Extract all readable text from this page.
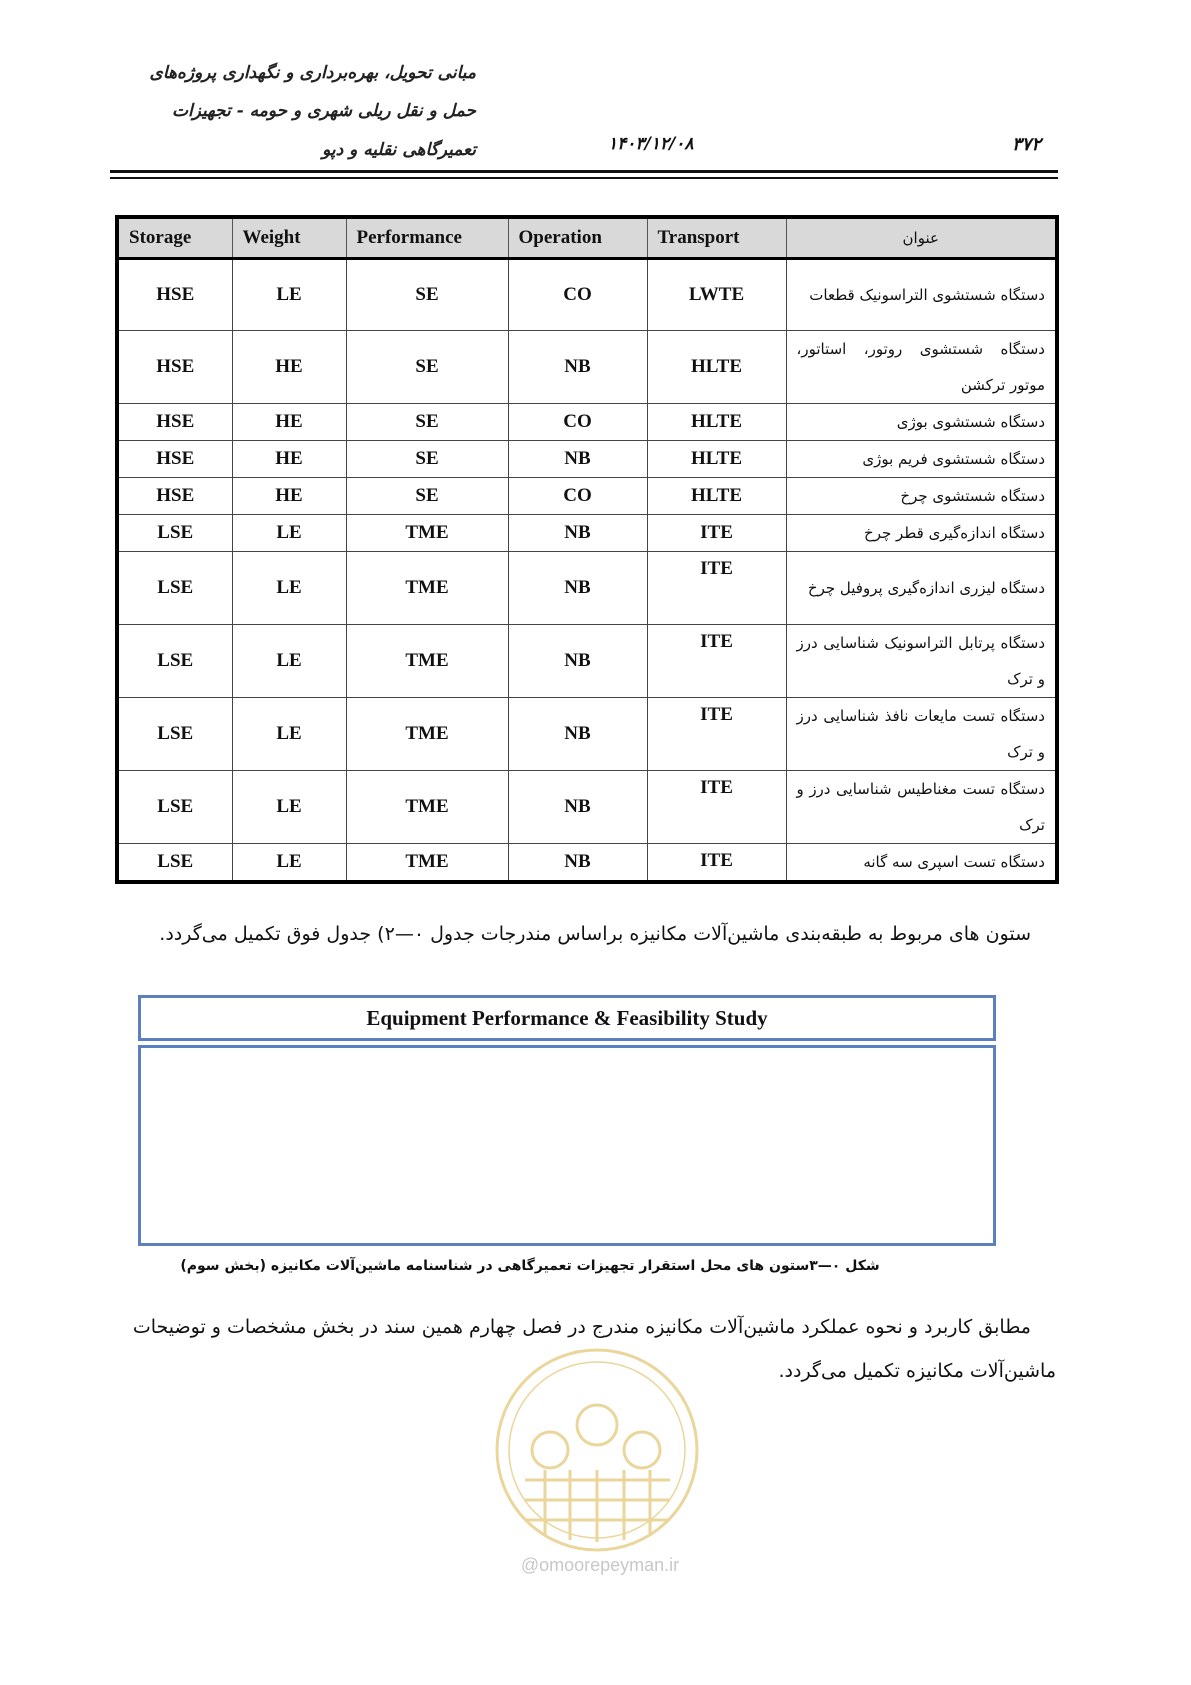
مبانی تحویل، بهره‌برداری و نگهداری پروژه‌های
حمل و نقل ریلی شهری و حومه - تجهیزات
تعمیرگاهی نقلیه و دپو	۱۴۰۳/۱۲/۰۸	۳۷۲
Storage	Weight	Performance	Operation	Transport	عنوان
HSE	LE	SE	CO	LWTE	دستگاه شستشوی التراسونیک قطعات
HSE	HE	SE	NB	HLTE	دستگاه شستشوی روتور، استاتور، موتور ترکشن
HSE	HE	SE	CO	HLTE	دستگاه شستشوی بوژی
HSE	HE	SE	NB	HLTE	دستگاه شستشوی فریم بوژی
HSE	HE	SE	CO	HLTE	دستگاه شستشوی چرخ
LSE	LE	TME	NB	ITE	دستگاه اندازه‌گیری قطر چرخ
LSE	LE	TME	NB	ITE	دستگاه لیزری اندازه‌گیری پروفیل چرخ
LSE	LE	TME	NB	ITE	دستگاه پرتابل التراسونیک شناسایی درز و ترک
LSE	LE	TME	NB	ITE	دستگاه تست مایعات نافذ شناسایی درز و ترک
LSE	LE	TME	NB	ITE	دستگاه تست مغناطیس شناسایی درز و ترک
LSE	LE	TME	NB	ITE	دستگاه تست اسپری سه گانه
ستون های مربوط به طبقه‌بندی ماشین‌آلات مکانیزه براساس مندرجات جدول ۰—۲) جدول فوق تکمیل می‌گردد.
Equipment Performance & Feasibility Study
شکل ۰—۳ستون های محل استقرار تجهیزات تعمیرگاهی در شناسنامه ماشین‌آلات مکانیزه (بخش سوم)
مطابق کاربرد و نحوه عملکرد ماشین‌آلات مکانیزه مندرج در فصل چهارم همین سند در بخش مشخصات و توضیحات
ماشین‌آلات مکانیزه تکمیل می‌گردد.
@omoorepeyman.ir
